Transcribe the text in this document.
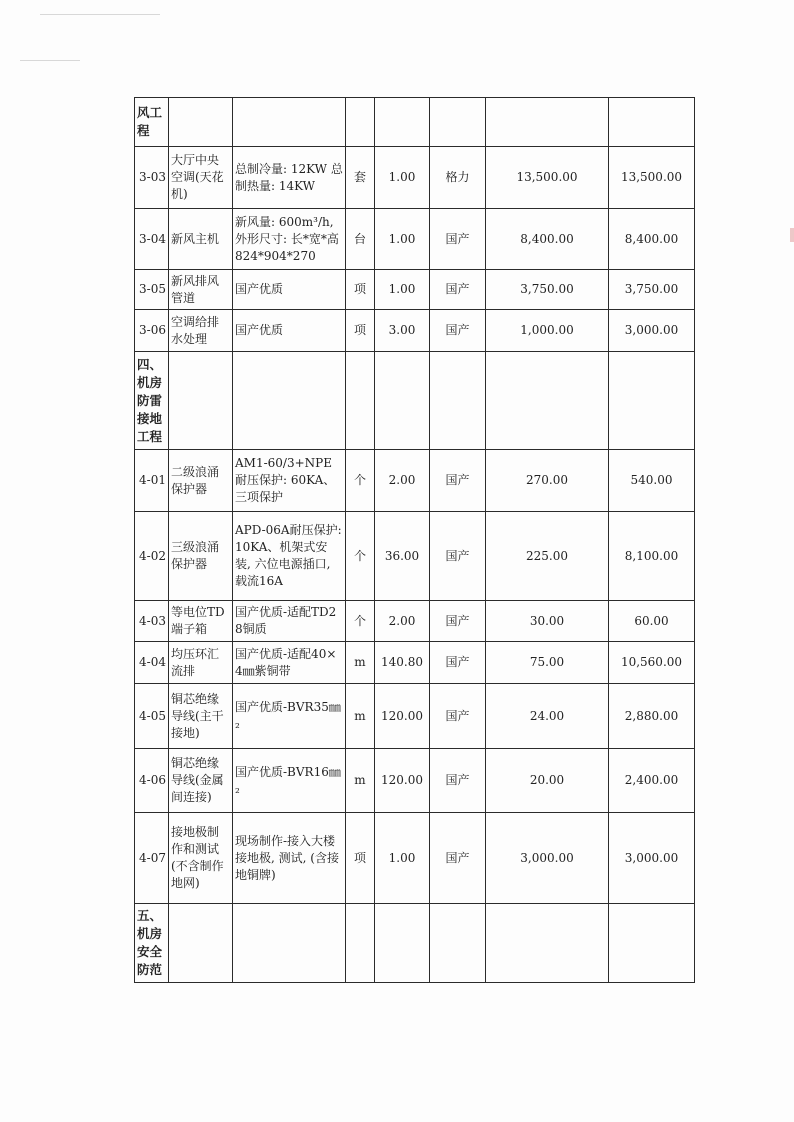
风工程							
3-03	大厅中央空调(天花机)	总制冷量: 12KW 总制热量: 14KW	套	1.00	格力	13,500.00	13,500.00
3-04	新风主机	新风量: 600m³/h, 外形尺寸: 长*宽*高 824*904*270	台	1.00	国产	8,400.00	8,400.00
3-05	新风排风管道	国产优质	项	1.00	国产	3,750.00	3,750.00
3-06	空调给排水处理	国产优质	项	3.00	国产	1,000.00	3,000.00
四、机房防雷接地工程							
4-01	二级浪涌保护器	AM1-60/3+NPE耐压保护: 60KA、三项保护	个	2.00	国产	270.00	540.00
4-02	三级浪涌保护器	APD-06A耐压保护: 10KA、机架式安装, 六位电源插口, 载流16A	个	36.00	国产	225.00	8,100.00
4-03	等电位TD端子箱	国产优质-适配TD28铜质	个	2.00	国产	30.00	60.00
4-04	均压环汇流排	国产优质-适配40×4㎜紫铜带	m	140.80	国产	75.00	10,560.00
4-05	铜芯绝缘导线(主干接地)	国产优质-BVR35㎜₂	m	120.00	国产	24.00	2,880.00
4-06	铜芯绝缘导线(金属间连接)	国产优质-BVR16㎜₂	m	120.00	国产	20.00	2,400.00
4-07	接地极制作和测试(不含制作地网)	现场制作-接入大楼接地极, 测试, (含接地铜牌)	项	1.00	国产	3,000.00	3,000.00
五、机房安全防范							
